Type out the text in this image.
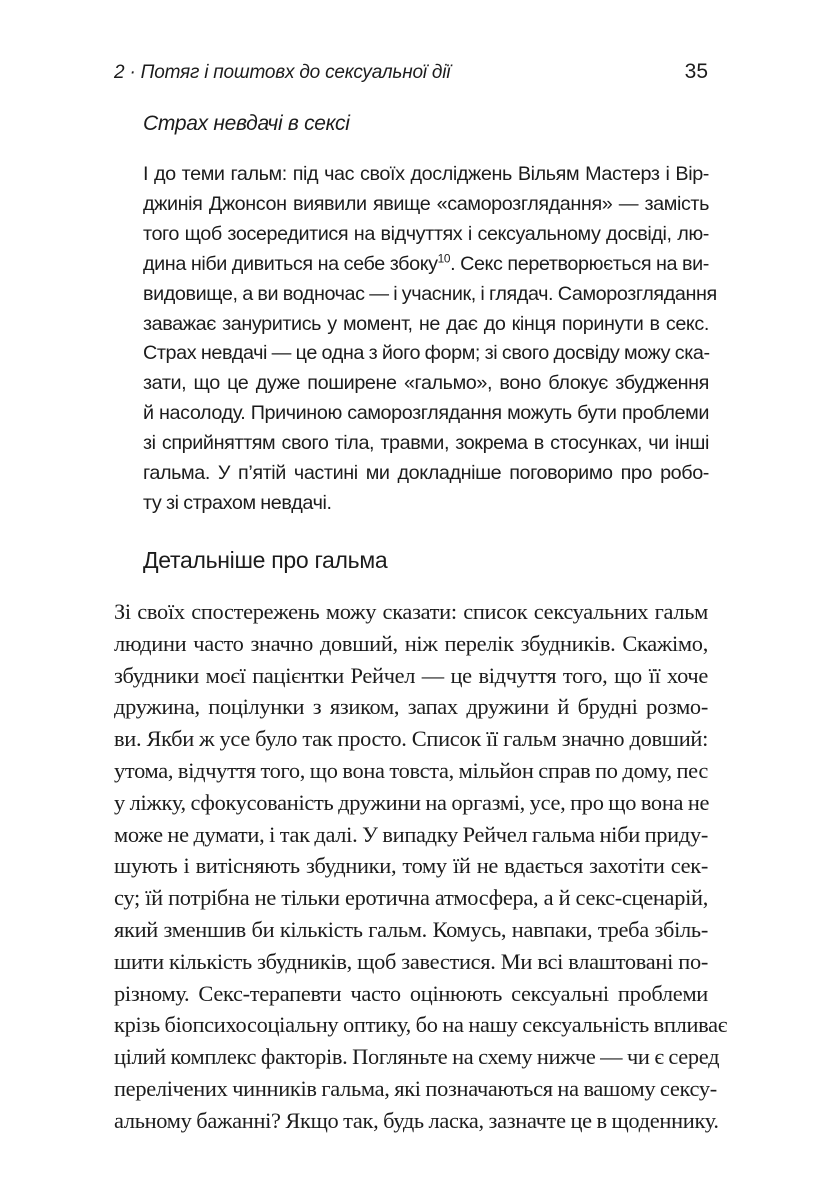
2 · Потяг і поштовх до сексуальної дії	35
Страх невдачі в сексі
І до теми гальм: під час своїх досліджень Вільям Мастерз і Вір-
джинія Джонсон виявили явище «саморозглядання» — замість
того щоб зосередитися на відчуттях і сексуальному досвіді, лю-
дина ніби дивиться на себе збоку$^{10}$. Секс перетворюється на ви-
видовище, а ви водночас — і учасник, і глядач. Саморозглядання
заважає зануритись у момент, не дає до кінця поринути в секс.
Страх невдачі — це одна з його форм; зі свого досвіду можу ска-
зати, що це дуже поширене «гальмо», воно блокує збудження
й насолоду. Причиною саморозглядання можуть бути проблеми
зі сприйняттям свого тіла, травми, зокрема в стосунках, чи інші
гальма. У п’ятій частині ми докладніше поговоримо про робо-
ту зі страхом невдачі.
Детальніше про гальма
Зі своїх спостережень можу сказати: список сексуальних гальм
людини часто значно довший, ніж перелік збудників. Скажімо,
збудники моєї пацієнтки Рейчел — це відчуття того, що її хоче
дружина, поцілунки з язиком, запах дружини й брудні розмо-
ви. Якби ж усе було так просто. Список її гальм значно довший:
утома, відчуття того, що вона товста, мільйон справ по дому, пес
у ліжку, сфокусованість дружини на оргазмі, усе, про що вона не
може не думати, і так далі. У випадку Рейчел гальма ніби приду-
шують і витісняють збудники, тому їй не вдається захотіти сек-
су; їй потрібна не тільки еротична атмосфера, а й секс-сценарій,
який зменшив би кількість гальм. Комусь, навпаки, треба збіль-
шити кількість збудників, щоб завестися. Ми всі влаштовані по-
різному. Секс-терапевти часто оцінюють сексуальні проблеми
крізь біопсихосоціальну оптику, бо на нашу сексуальність впливає
цілий комплекс факторів. Погляньте на схему нижче — чи є серед
перелічених чинників гальма, які позначаються на вашому сексу-
альному бажанні? Якщо так, будь ласка, зазначте це в щоденнику.
